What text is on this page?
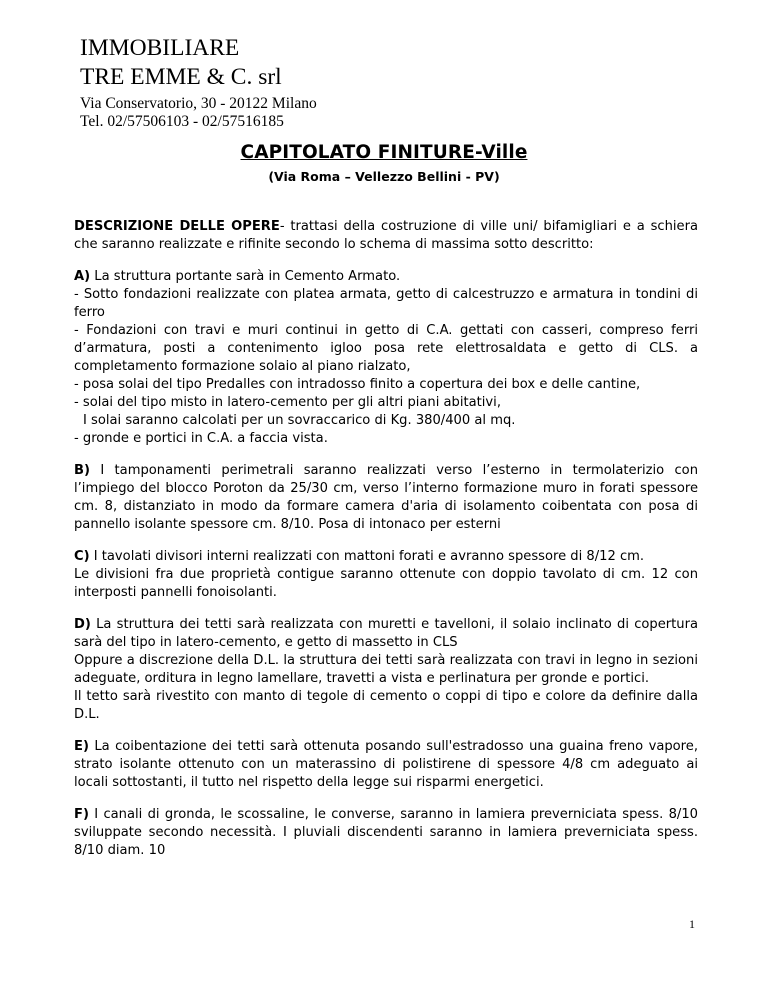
IMMOBILIARE
TRE EMME & C. srl
Via Conservatorio, 30 - 20122 Milano
Tel. 02/57506103 - 02/57516185
CAPITOLATO FINITURE-Ville
(Via Roma – Vellezzo Bellini - PV)

DESCRIZIONE DELLE OPERE- trattasi della costruzione di ville uni/ bifamigliari e a schiera che saranno realizzate e rifinite secondo lo schema di massima sotto descritto:

A) La struttura portante sarà in Cemento Armato.
- Sotto fondazioni realizzate con platea armata, getto di calcestruzzo e armatura in tondini di ferro
- Fondazioni con travi e muri continui in getto di C.A. gettati con casseri, compreso ferri d’armatura, posti a contenimento igloo posa rete elettrosaldata e getto di CLS. a completamento formazione solaio al piano rialzato,
- posa solai del tipo Predalles con intradosso finito a copertura dei box e delle cantine,
- solai del tipo misto in latero-cemento per gli altri piani abitativi,
I solai saranno calcolati per un sovraccarico di Kg. 380/400 al mq.
- gronde e portici in C.A. a faccia vista.

B) I tamponamenti perimetrali saranno realizzati verso l’esterno in termolaterizio con l’impiego del blocco Poroton da 25/30 cm, verso l’interno formazione muro in forati spessore cm. 8, distanziato in modo da formare camera d'aria di isolamento coibentata con posa di pannello isolante spessore cm. 8/10. Posa di intonaco per esterni

C) I tavolati divisori interni realizzati con mattoni forati e avranno spessore di 8/12 cm.
Le divisioni fra due proprietà contigue saranno ottenute con doppio tavolato di cm. 12 con interposti pannelli fonoisolanti.

D) La struttura dei tetti sarà realizzata con muretti e tavelloni, il solaio inclinato di copertura sarà del tipo in latero-cemento, e getto di massetto in CLS
Oppure a discrezione della D.L. la struttura dei tetti sarà realizzata con travi in legno in sezioni adeguate, orditura in legno lamellare, travetti a vista e perlinatura per gronde e portici.
Il tetto sarà rivestito con manto di tegole di cemento o coppi di tipo e colore da definire dalla D.L.

E) La coibentazione dei tetti sarà ottenuta posando sull'estradosso una guaina freno vapore, strato isolante ottenuto con un materassino di polistirene di spessore 4/8 cm adeguato ai locali sottostanti, il tutto nel rispetto della legge sui risparmi energetici.

F) I canali di gronda, le scossaline, le converse, saranno in lamiera preverniciata spess. 8/10 sviluppate secondo necessità. I pluviali discendenti saranno in lamiera preverniciata spess. 8/10 diam. 10

1
